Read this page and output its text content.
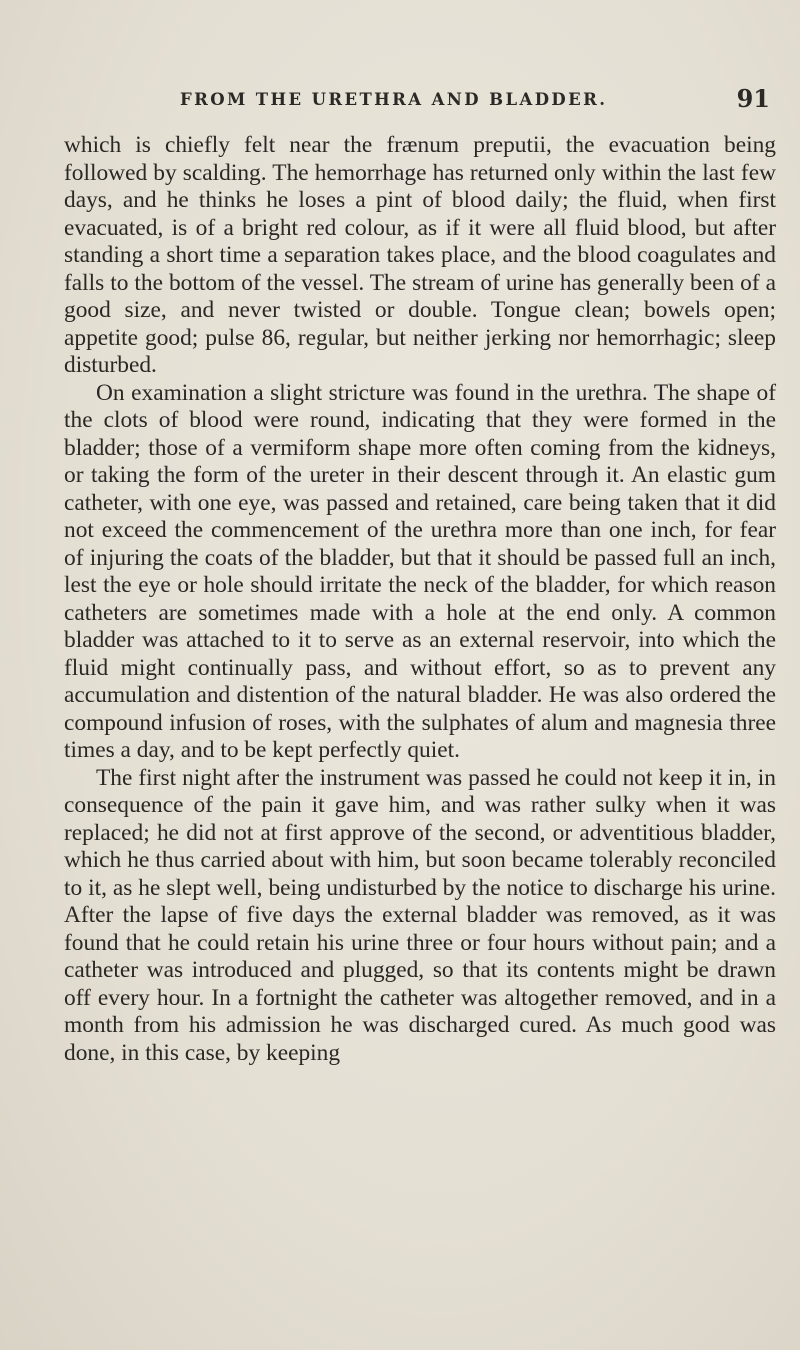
FROM THE URETHRA AND BLADDER.	91

which is chiefly felt near the frænum preputii, the evacuation being followed by scalding. The hemorrhage has returned only within the last few days, and he thinks he loses a pint of blood daily; the fluid, when first evacuated, is of a bright red colour, as if it were all fluid blood, but after standing a short time a separation takes place, and the blood coagulates and falls to the bottom of the vessel. The stream of urine has generally been of a good size, and never twisted or double. Tongue clean; bowels open; appetite good; pulse 86, regular, but neither jerking nor hemorrhagic; sleep disturbed.

On examination a slight stricture was found in the urethra. The shape of the clots of blood were round, indicating that they were formed in the bladder; those of a vermiform shape more often coming from the kidneys, or taking the form of the ureter in their descent through it. An elastic gum catheter, with one eye, was passed and retained, care being taken that it did not exceed the commencement of the urethra more than one inch, for fear of injuring the coats of the bladder, but that it should be passed full an inch, lest the eye or hole should irritate the neck of the bladder, for which reason catheters are sometimes made with a hole at the end only. A common bladder was attached to it to serve as an external reservoir, into which the fluid might continually pass, and without effort, so as to prevent any accumulation and distention of the natural bladder. He was also ordered the compound infusion of roses, with the sulphates of alum and magnesia three times a day, and to be kept perfectly quiet.

The first night after the instrument was passed he could not keep it in, in consequence of the pain it gave him, and was rather sulky when it was replaced; he did not at first approve of the second, or adventitious bladder, which he thus carried about with him, but soon became tolerably reconciled to it, as he slept well, being undisturbed by the notice to discharge his urine. After the lapse of five days the external bladder was removed, as it was found that he could retain his urine three or four hours without pain; and a catheter was introduced and plugged, so that its contents might be drawn off every hour. In a fortnight the catheter was altogether removed, and in a month from his admission he was discharged cured. As much good was done, in this case, by keeping
